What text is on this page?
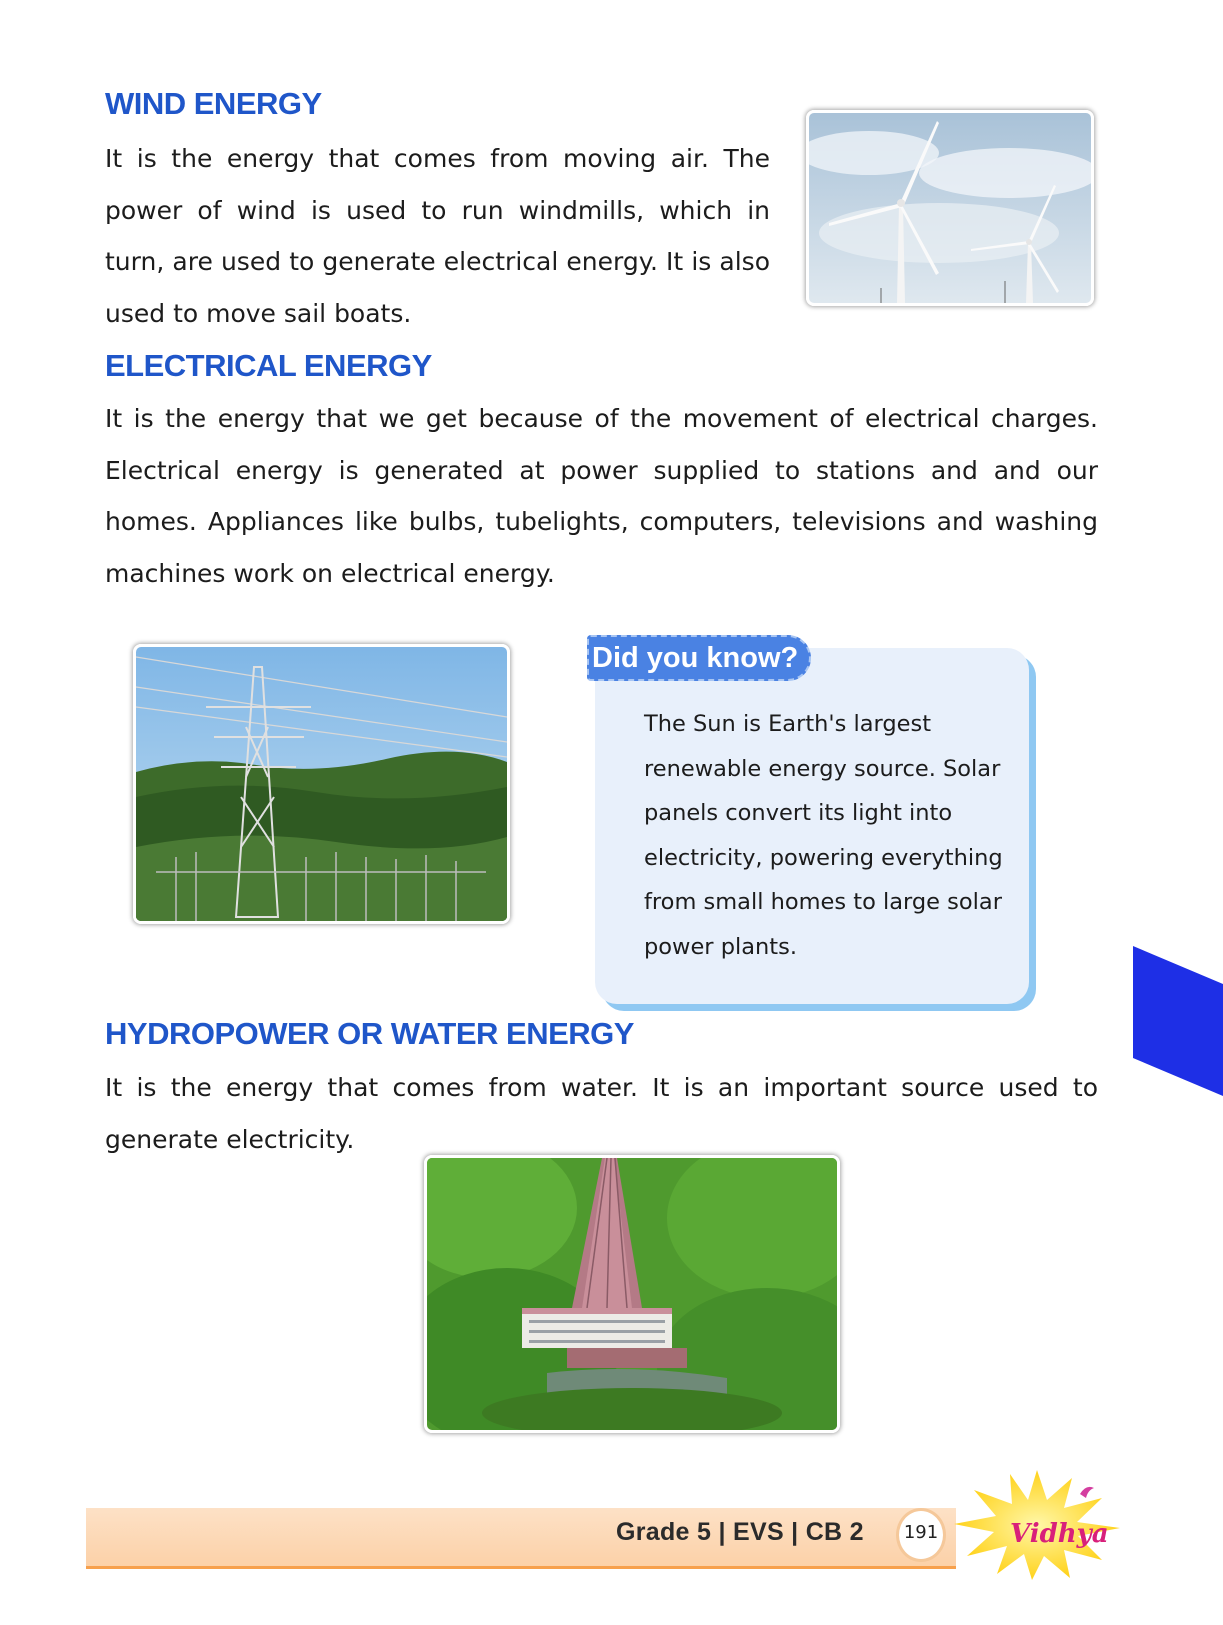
WIND ENERGY

It is the energy that comes from moving air. The power of wind is used to run windmills, which in turn, are used to generate electrical energy. It is also used to move sail boats.

ELECTRICAL ENERGY

It is the energy that we get because of the movement of electrical charges. Electrical energy is generated at power supplied to stations and and our homes. Appliances like bulbs, tubelights, computers, televisions and washing machines work on electrical energy.

Did you know?

The Sun is Earth's largest renewable energy source. Solar panels convert its light into electricity, powering everything from small homes to large solar power plants.

HYDROPOWER OR WATER ENERGY

It is the energy that comes from water. It is an important source used to generate electricity.

Grade 5 | EVS | CB 2	191	Vidhya
